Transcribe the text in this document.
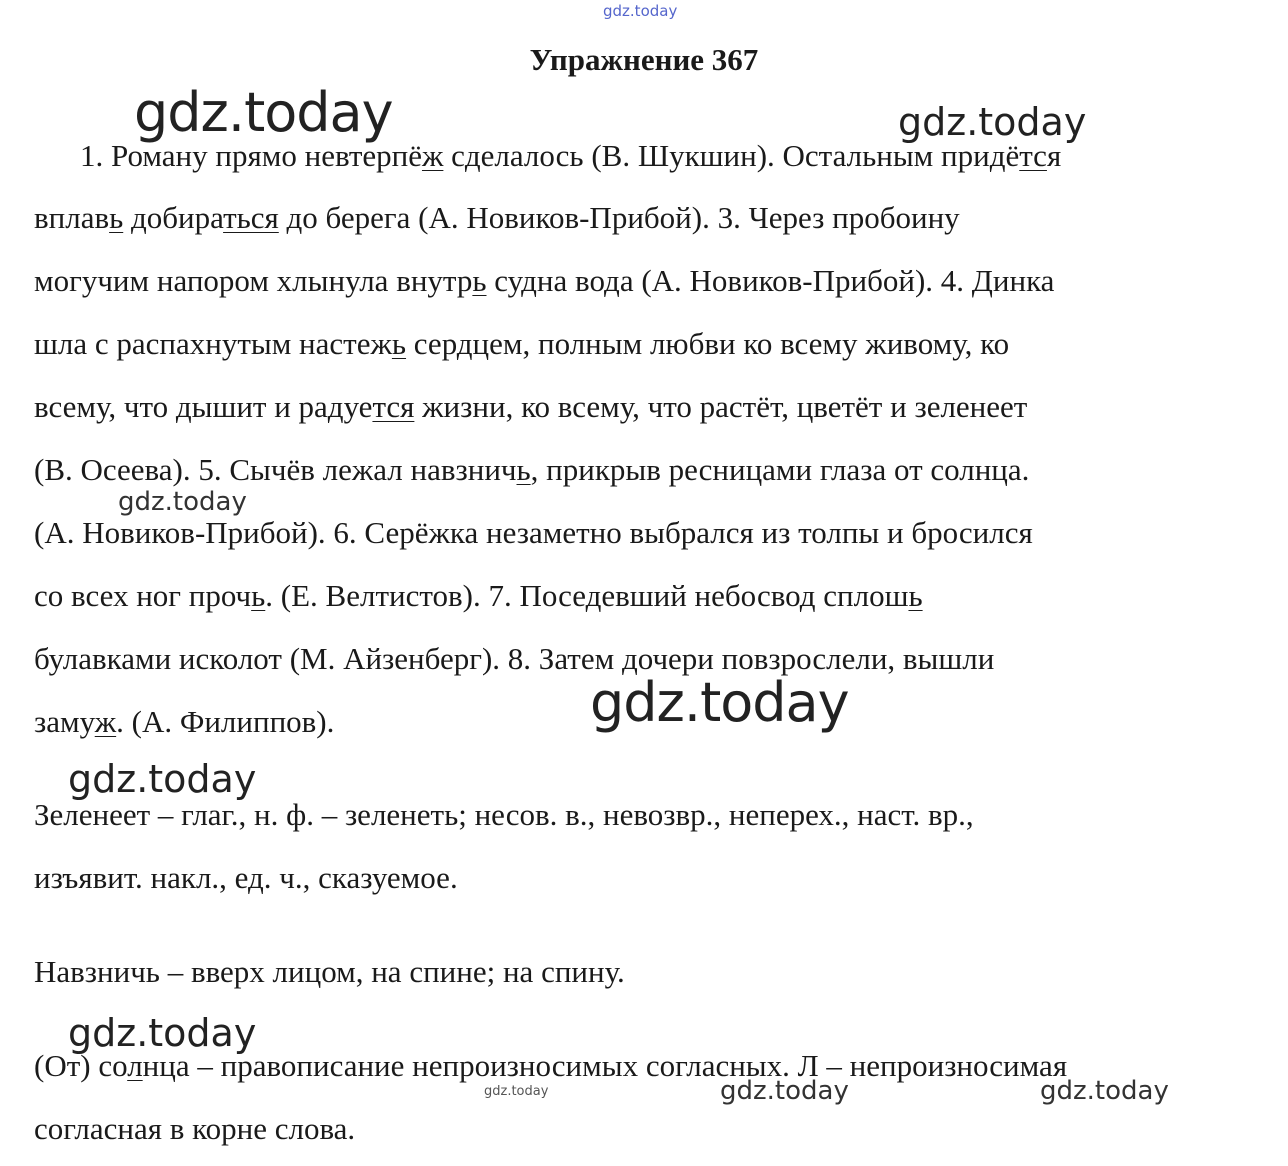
gdz.today
Упражнение 367
gdz.today	gdz.today

1. Роману прямо невтерпёж сделалось (В. Шукшин). Остальным придётся

вплавь добираться до берега (А. Новиков-Прибой). 3. Через пробоину

могучим напором хлынула внутрь судна вода (А. Новиков-Прибой). 4. Динка

шла с распахнутым настежь сердцем, полным любви ко всему живому, ко

всему, что дышит и радуется жизни, ко всему, что растёт, цветёт и зеленеет

(В. Осеева). 5. Сычёв лежал навзничь, прикрыв ресницами глаза от солнца.

gdz.today

(А. Новиков-Прибой). 6. Серёжка незаметно выбрался из толпы и бросился

со всех ног прочь. (Е. Велтистов). 7. Поседевший небосвод сплошь

булавками исколот (М. Айзенберг). 8. Затем дочери повзрослели, вышли

gdz.today

замуж. (А. Филиппов).

gdz.today

Зеленеет – глаг., н. ф. – зеленеть; несов. в., невозвр., неперех., наст. вр.,

изъявит. накл., ед. ч., сказуемое.

Навзничь – вверх лицом, на спине; на спину.

gdz.today

(От) солнца – правописание непроизносимых согласных. Л – непроизносимая

gdz.today	gdz.today	gdz.today

согласная в корне слова.
